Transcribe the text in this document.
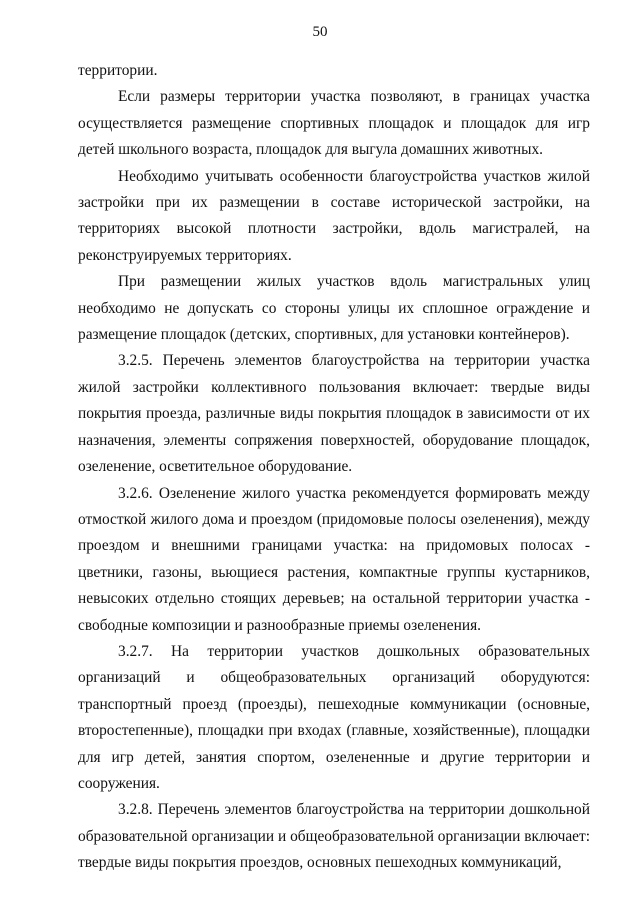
50

территории.

Если размеры территории участка позволяют, в границах участка осуществляется размещение спортивных площадок и площадок для игр детей школьного возраста, площадок для выгула домашних животных.

Необходимо учитывать особенности благоустройства участков жилой застройки при их размещении в составе исторической застройки, на территориях высокой плотности застройки, вдоль магистралей, на реконструируемых территориях.

При размещении жилых участков вдоль магистральных улиц необходимо не допускать со стороны улицы их сплошное ограждение и размещение площадок (детских, спортивных, для установки контейнеров).

3.2.5. Перечень элементов благоустройства на территории участка жилой застройки коллективного пользования включает: твердые виды покрытия проезда, различные виды покрытия площадок в зависимости от их назначения, элементы сопряжения поверхностей, оборудование площадок, озеленение, осветительное оборудование.

3.2.6. Озеленение жилого участка рекомендуется формировать между отмосткой жилого дома и проездом (придомовые полосы озеленения), между проездом и внешними границами участка: на придомовых полосах - цветники, газоны, вьющиеся растения, компактные группы кустарников, невысоких отдельно стоящих деревьев; на остальной территории участка - свободные композиции и разнообразные приемы озеленения.

3.2.7. На территории участков дошкольных образовательных организаций и общеобразовательных организаций оборудуются: транспортный проезд (проезды), пешеходные коммуникации (основные, второстепенные), площадки при входах (главные, хозяйственные), площадки для игр детей, занятия спортом, озелененные и другие территории и сооружения.

3.2.8. Перечень элементов благоустройства на территории дошкольной образовательной организации и общеобразовательной организации включает: твердые виды покрытия проездов, основных пешеходных коммуникаций,
